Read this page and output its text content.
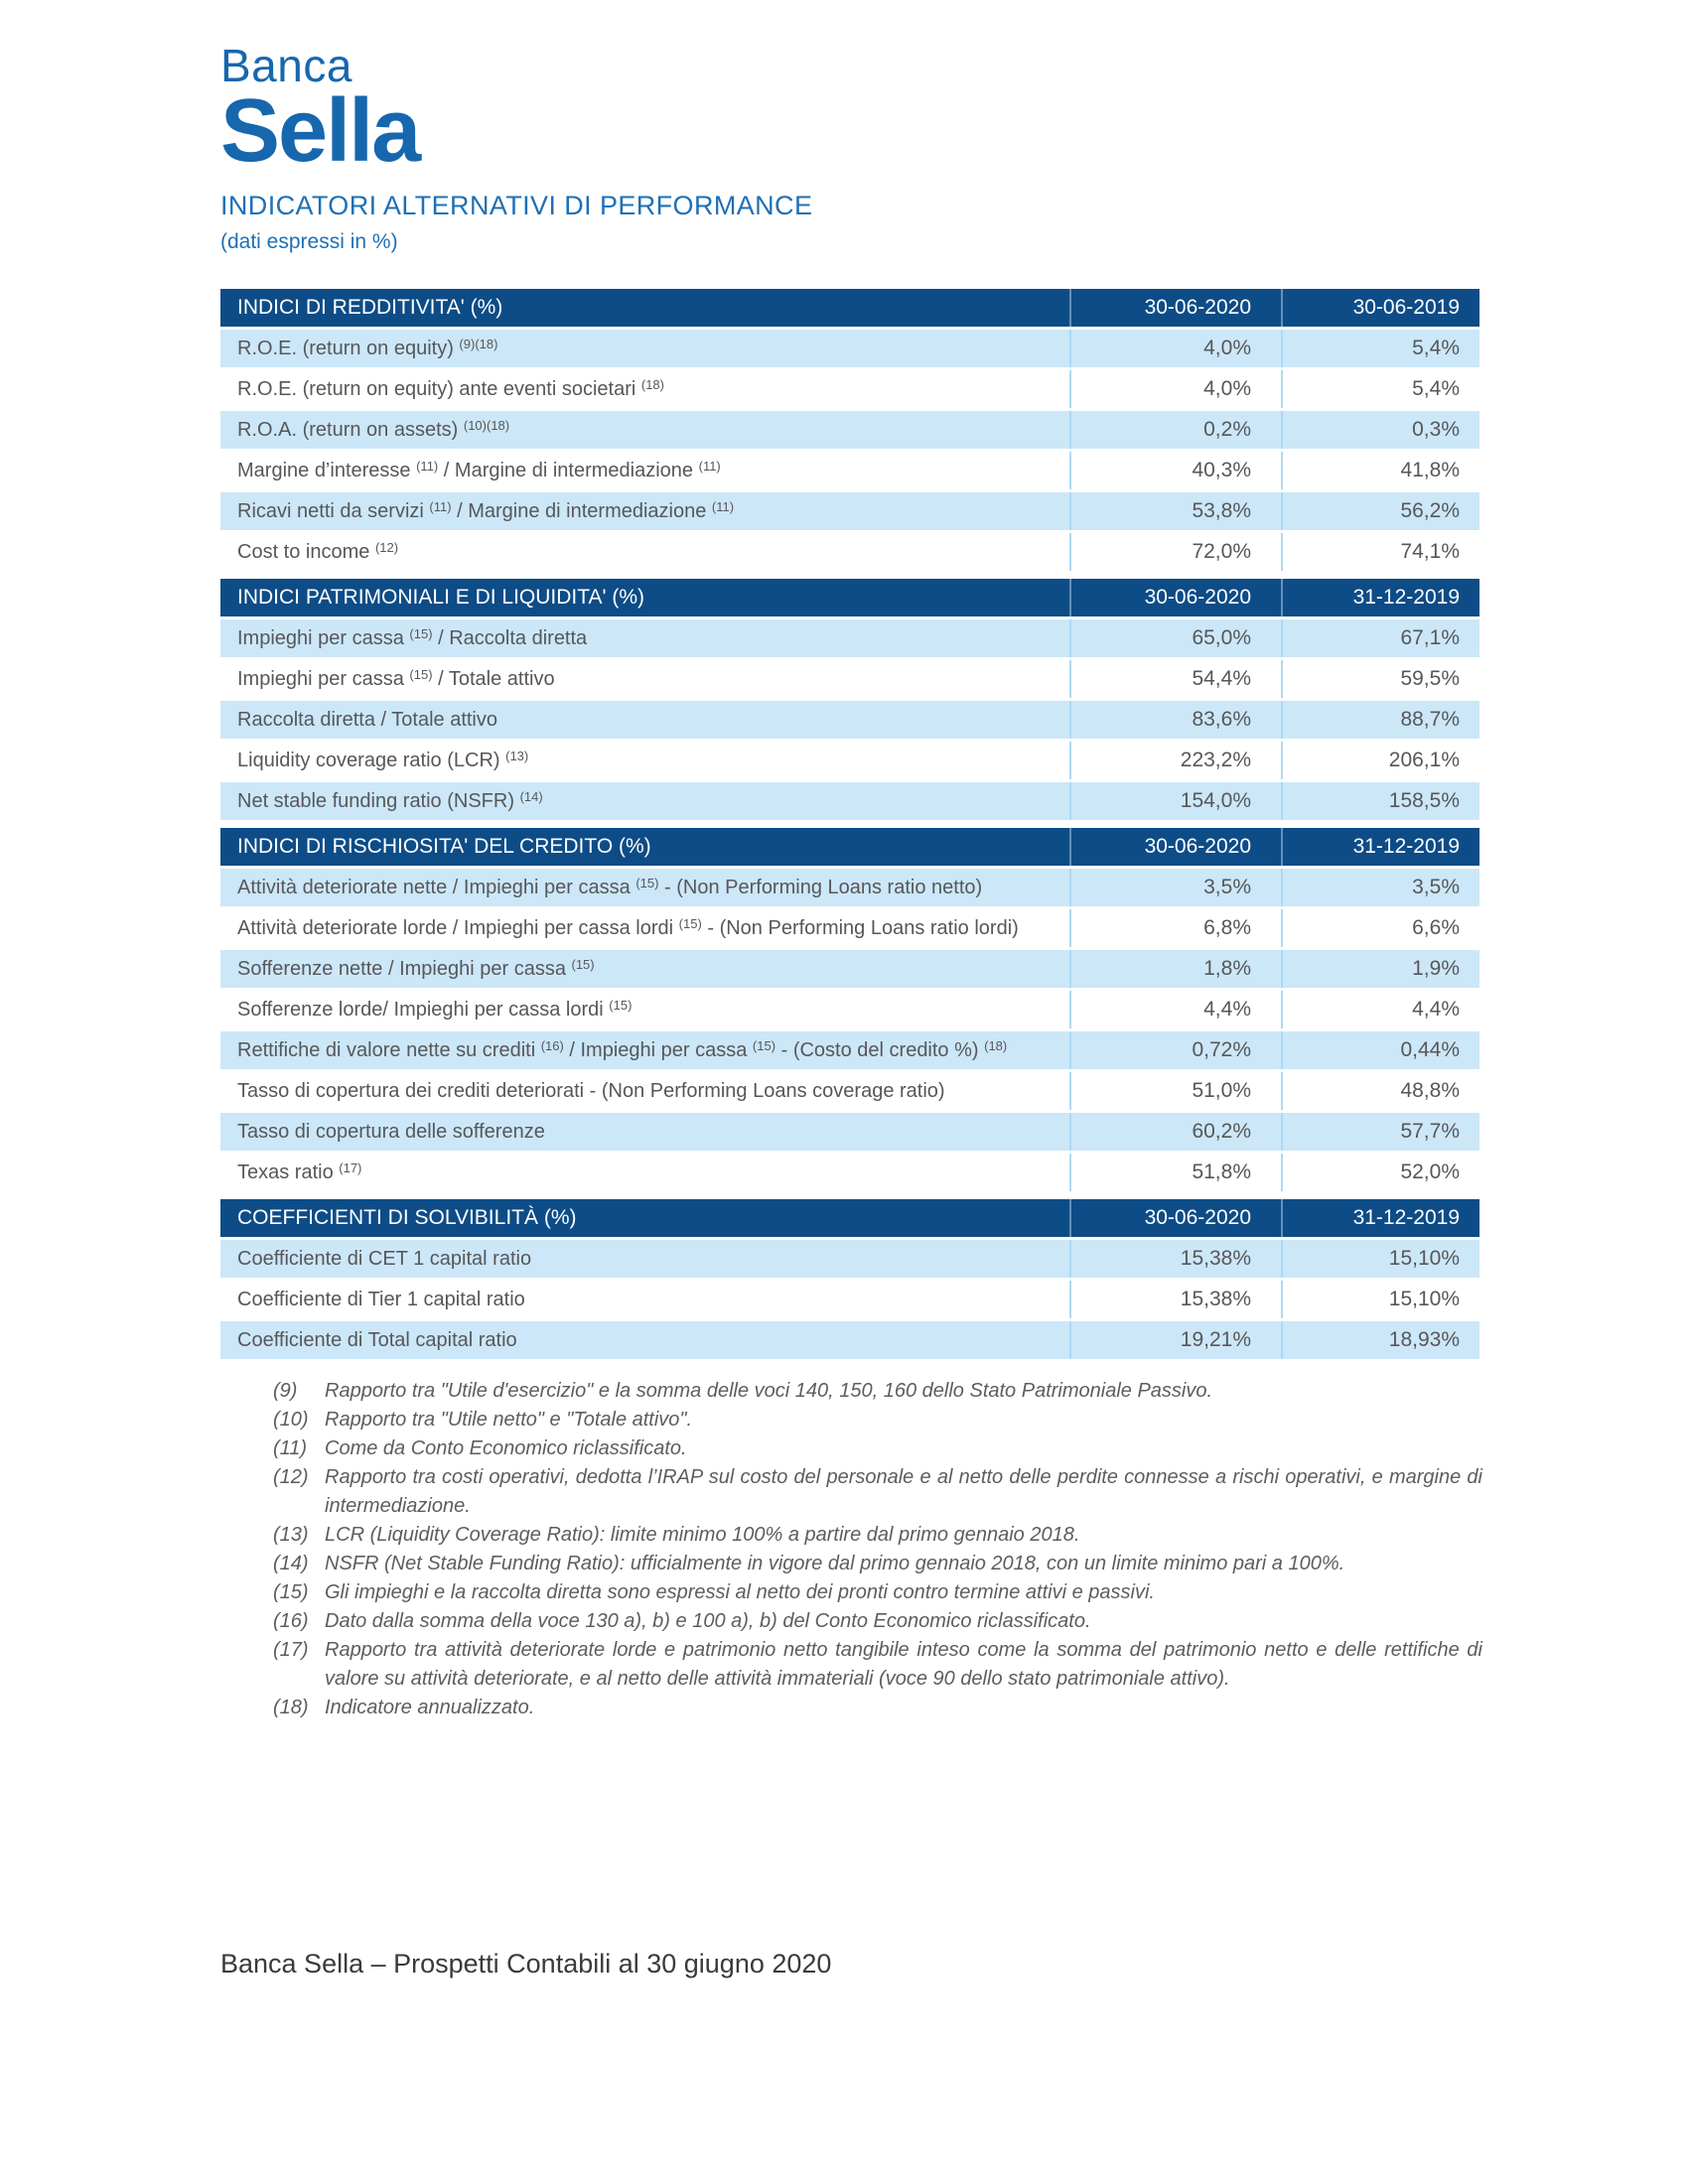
Banca
Sella
INDICATORI ALTERNATIVI DI PERFORMANCE
(dati espressi in %)
INDICI DI REDDITIVITA' (%)	30-06-2020	30-06-2019
R.O.E. (return on equity) $^{(9)(18)}$	4,0%	5,4%
R.O.E. (return on equity) ante eventi societari $^{(18)}$	4,0%	5,4%
R.O.A. (return on assets) $^{(10)(18)}$	0,2%	0,3%
Margine d’interesse $^{(11)}$ / Margine di intermediazione $^{(11)}$	40,3%	41,8%
Ricavi netti da servizi $^{(11)}$ / Margine di intermediazione $^{(11)}$	53,8%	56,2%
Cost to income $^{(12)}$	72,0%	74,1%
INDICI PATRIMONIALI E DI LIQUIDITA' (%)	30-06-2020	31-12-2019
Impieghi per cassa $^{(15)}$ / Raccolta diretta	65,0%	67,1%
Impieghi per cassa $^{(15)}$ / Totale attivo	54,4%	59,5%
Raccolta diretta / Totale attivo	83,6%	88,7%
Liquidity coverage ratio (LCR) $^{(13)}$	223,2%	206,1%
Net stable funding ratio (NSFR) $^{(14)}$	154,0%	158,5%
INDICI DI RISCHIOSITA' DEL CREDITO (%)	30-06-2020	31-12-2019
Attività deteriorate nette / Impieghi per cassa $^{(15)}$ - (Non Performing Loans ratio netto)	3,5%	3,5%
Attività deteriorate lorde / Impieghi per cassa lordi $^{(15)}$ - (Non Performing Loans ratio lordi)	6,8%	6,6%
Sofferenze nette / Impieghi per cassa $^{(15)}$	1,8%	1,9%
Sofferenze lorde/ Impieghi per cassa lordi $^{(15)}$	4,4%	4,4%
Rettifiche di valore nette su crediti $^{(16)}$ / Impieghi per cassa $^{(15)}$ - (Costo del credito %) $^{(18)}$	0,72%	0,44%
Tasso di copertura dei crediti deteriorati - (Non Performing Loans coverage ratio)	51,0%	48,8%
Tasso di copertura delle sofferenze	60,2%	57,7%
Texas ratio $^{(17)}$	51,8%	52,0%
COEFFICIENTI DI SOLVIBILITÀ (%)	30-06-2020	31-12-2019
Coefficiente di CET 1 capital ratio	15,38%	15,10%
Coefficiente di Tier 1 capital ratio	15,38%	15,10%
Coefficiente di Total capital ratio	19,21%	18,93%
(9)	Rapporto tra "Utile d'esercizio" e la somma delle voci 140, 150, 160 dello Stato Patrimoniale Passivo.
(10) Rapporto tra "Utile netto" e "Totale attivo".
(11) Come da Conto Economico riclassificato.
(12) Rapporto tra costi operativi, dedotta l’IRAP sul costo del personale e al netto delle perdite connesse a rischi operativi, e margine di intermediazione.
(13) LCR (Liquidity Coverage Ratio): limite minimo 100% a partire dal primo gennaio 2018.
(14) NSFR (Net Stable Funding Ratio): ufficialmente in vigore dal primo gennaio 2018, con un limite minimo pari a 100%.
(15) Gli impieghi e la raccolta diretta sono espressi al netto dei pronti contro termine attivi e passivi.
(16) Dato dalla somma della voce 130 a), b) e 100 a), b) del Conto Economico riclassificato.
(17) Rapporto tra attività deteriorate lorde e patrimonio netto tangibile inteso come la somma del patrimonio netto e delle rettifiche di valore su attività deteriorate, e al netto delle attività immateriali (voce 90 dello stato patrimoniale attivo).
(18) Indicatore annualizzato.
Banca Sella – Prospetti Contabili al 30 giugno 2020
